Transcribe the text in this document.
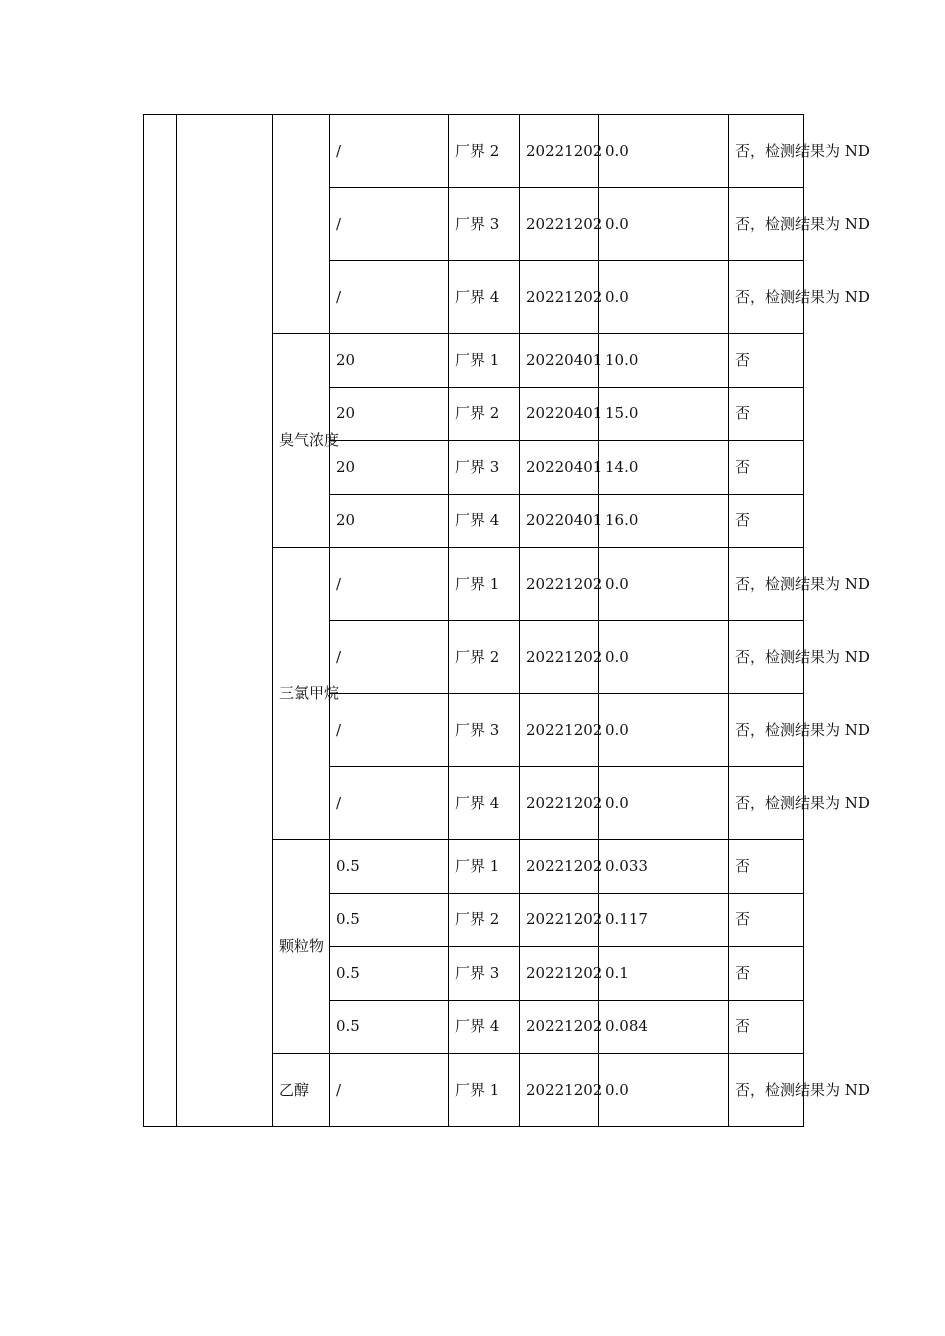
			/	厂界 2	20221202	0.0	否，检测结果为 ND
			/	厂界 3	20221202	0.0	否，检测结果为 ND
			/	厂界 4	20221202	0.0	否，检测结果为 ND
		臭气浓度	20	厂界 1	20220401	10.0	否
			20	厂界 2	20220401	15.0	否
			20	厂界 3	20220401	14.0	否
			20	厂界 4	20220401	16.0	否
		三氯甲烷	/	厂界 1	20221202	0.0	否，检测结果为 ND
			/	厂界 2	20221202	0.0	否，检测结果为 ND
			/	厂界 3	20221202	0.0	否，检测结果为 ND
			/	厂界 4	20221202	0.0	否，检测结果为 ND
		颗粒物	0.5	厂界 1	20221202	0.033	否
			0.5	厂界 2	20221202	0.117	否
			0.5	厂界 3	20221202	0.1	否
			0.5	厂界 4	20221202	0.084	否
		乙醇	/	厂界 1	20221202	0.0	否，检测结果为 ND
